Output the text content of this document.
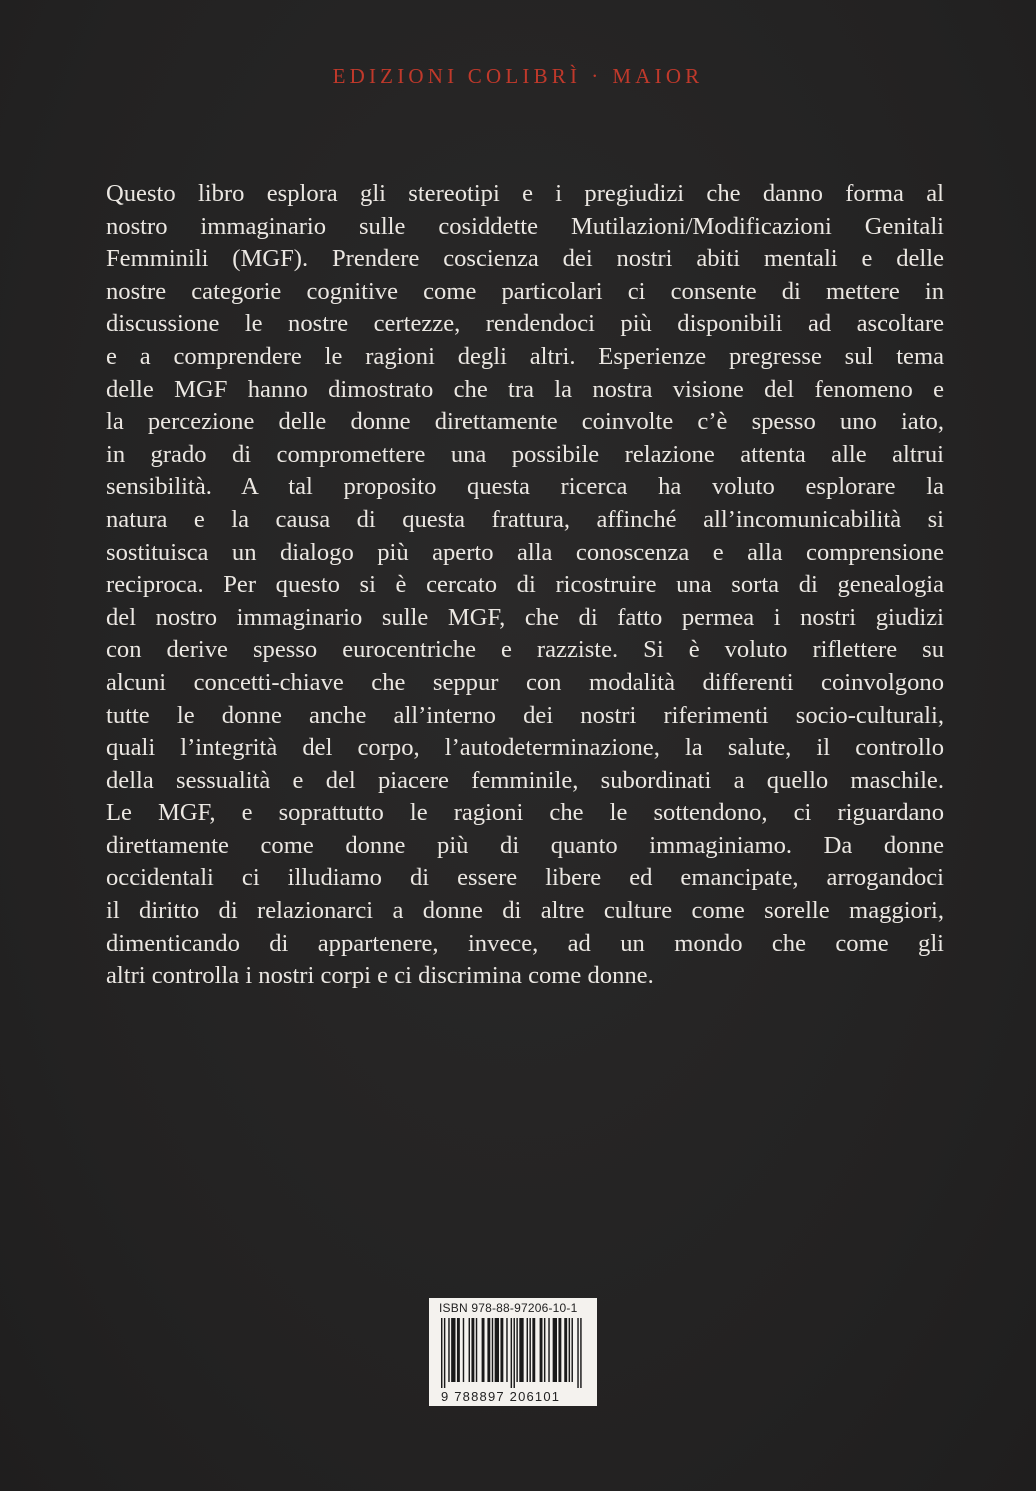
EDIZIONI COLIBRÌ · MAIOR
Questo libro esplora gli stereotipi e i pregiudizi che danno forma al
nostro immaginario sulle cosiddette Mutilazioni/Modificazioni Genitali
Femminili (MGF). Prendere coscienza dei nostri abiti mentali e delle
nostre categorie cognitive come particolari ci consente di mettere in
discussione le nostre certezze, rendendoci più disponibili ad ascoltare
e a comprendere le ragioni degli altri. Esperienze pregresse sul tema
delle MGF hanno dimostrato che tra la nostra visione del fenomeno e
la percezione delle donne direttamente coinvolte c’è spesso uno iato,
in grado di compromettere una possibile relazione attenta alle altrui
sensibilità. A tal proposito questa ricerca ha voluto esplorare la
natura e la causa di questa frattura, affinché all’incomunicabilità si
sostituisca un dialogo più aperto alla conoscenza e alla comprensione
reciproca. Per questo si è cercato di ricostruire una sorta di genealogia
del nostro immaginario sulle MGF, che di fatto permea i nostri giudizi
con derive spesso eurocentriche e razziste. Si è voluto riflettere su
alcuni concetti-chiave che seppur con modalità differenti coinvolgono
tutte le donne anche all’interno dei nostri riferimenti socio-culturali,
quali l’integrità del corpo, l’autodeterminazione, la salute, il controllo
della sessualità e del piacere femminile, subordinati a quello maschile.
Le MGF, e soprattutto le ragioni che le sottendono, ci riguardano
direttamente come donne più di quanto immaginiamo. Da donne
occidentali ci illudiamo di essere libere ed emancipate, arrogandoci
il diritto di relazionarci a donne di altre culture come sorelle maggiori,
dimenticando di appartenere, invece, ad un mondo che come gli
altri controlla i nostri corpi e ci discrimina come donne.
ISBN 978-88-97206-10-1
9 788897 206101
